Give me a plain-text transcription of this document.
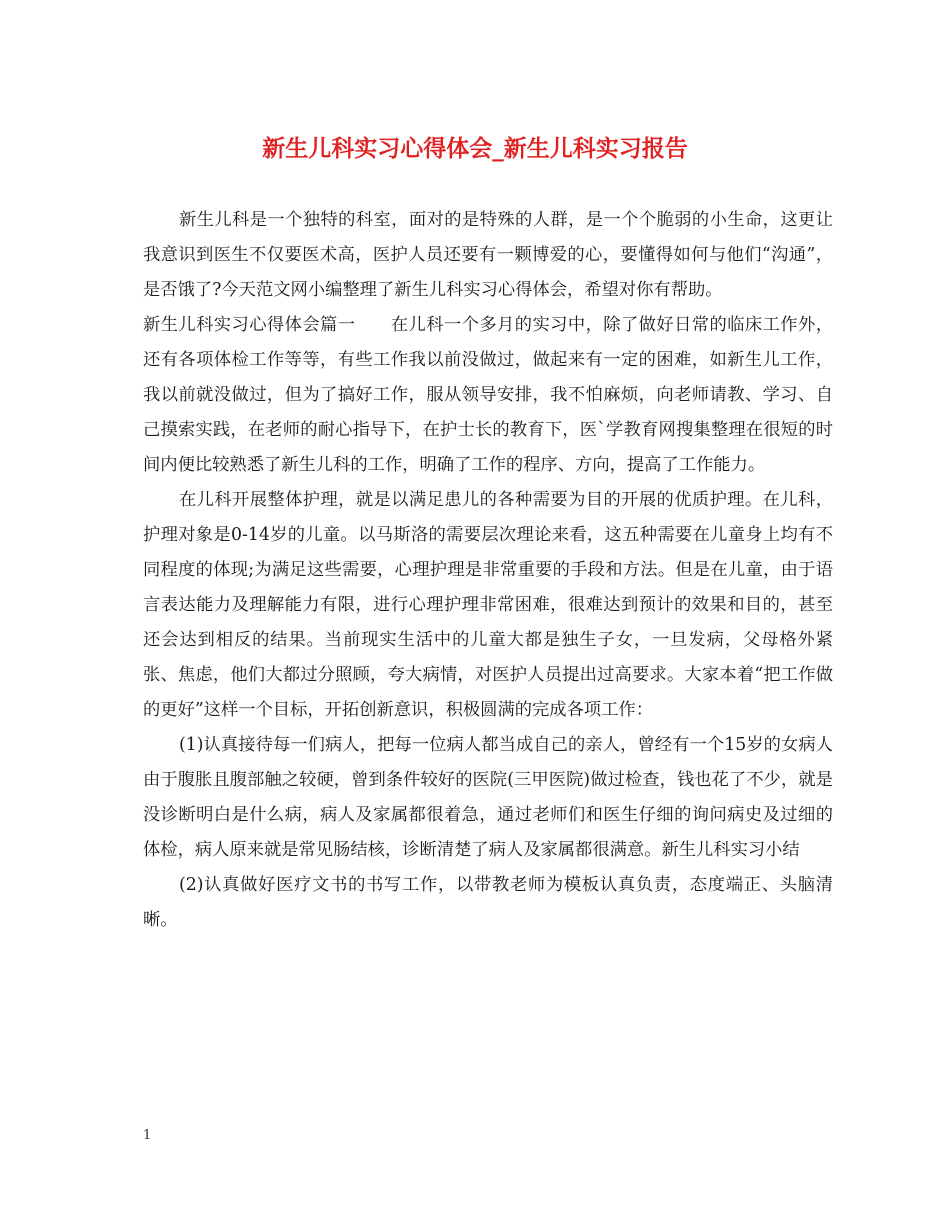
新生儿科实习心得体会_新生儿科实习报告

新生儿科是一个独特的科室，面对的是特殊的人群，是一个个脆弱的小生命，这更让我意识到医生不仅要医术高，医护人员还要有一颗博爱的心，要懂得如何与他们“沟通”，是否饿了?今天范文网小编整理了新生儿科实习心得体会，希望对你有帮助。

新生儿科实习心得体会篇一　　在儿科一个多月的实习中，除了做好日常的临床工作外，还有各项体检工作等等，有些工作我以前没做过，做起来有一定的困难，如新生儿工作，我以前就没做过，但为了搞好工作，服从领导安排，我不怕麻烦，向老师请教、学习、自己摸索实践，在老师的耐心指导下，在护士长的教育下，医`学教育网搜集整理在很短的时间内便比较熟悉了新生儿科的工作，明确了工作的程序、方向，提高了工作能力。

在儿科开展整体护理，就是以满足患儿的各种需要为目的开展的优质护理。在儿科，护理对象是0-14岁的儿童。以马斯洛的需要层次理论来看，这五种需要在儿童身上均有不同程度的体现;为满足这些需要，心理护理是非常重要的手段和方法。但是在儿童，由于语言表达能力及理解能力有限，进行心理护理非常困难，很难达到预计的效果和目的，甚至还会达到相反的结果。当前现实生活中的儿童大都是独生子女，一旦发病，父母格外紧张、焦虑，他们大都过分照顾，夸大病情，对医护人员提出过高要求。大家本着“把工作做的更好”这样一个目标，开拓创新意识，积极圆满的完成各项工作：

(1)认真接待每一们病人，把每一位病人都当成自己的亲人，曾经有一个15岁的女病人由于腹胀且腹部触之较硬，曾到条件较好的医院(三甲医院)做过检查，钱也花了不少，就是没诊断明白是什么病，病人及家属都很着急，通过老师们和医生仔细的询问病史及过细的体检，病人原来就是常见肠结核，诊断清楚了病人及家属都很满意。新生儿科实习小结

(2)认真做好医疗文书的书写工作，以带教老师为模板认真负责，态度端正、头脑清晰。

1
